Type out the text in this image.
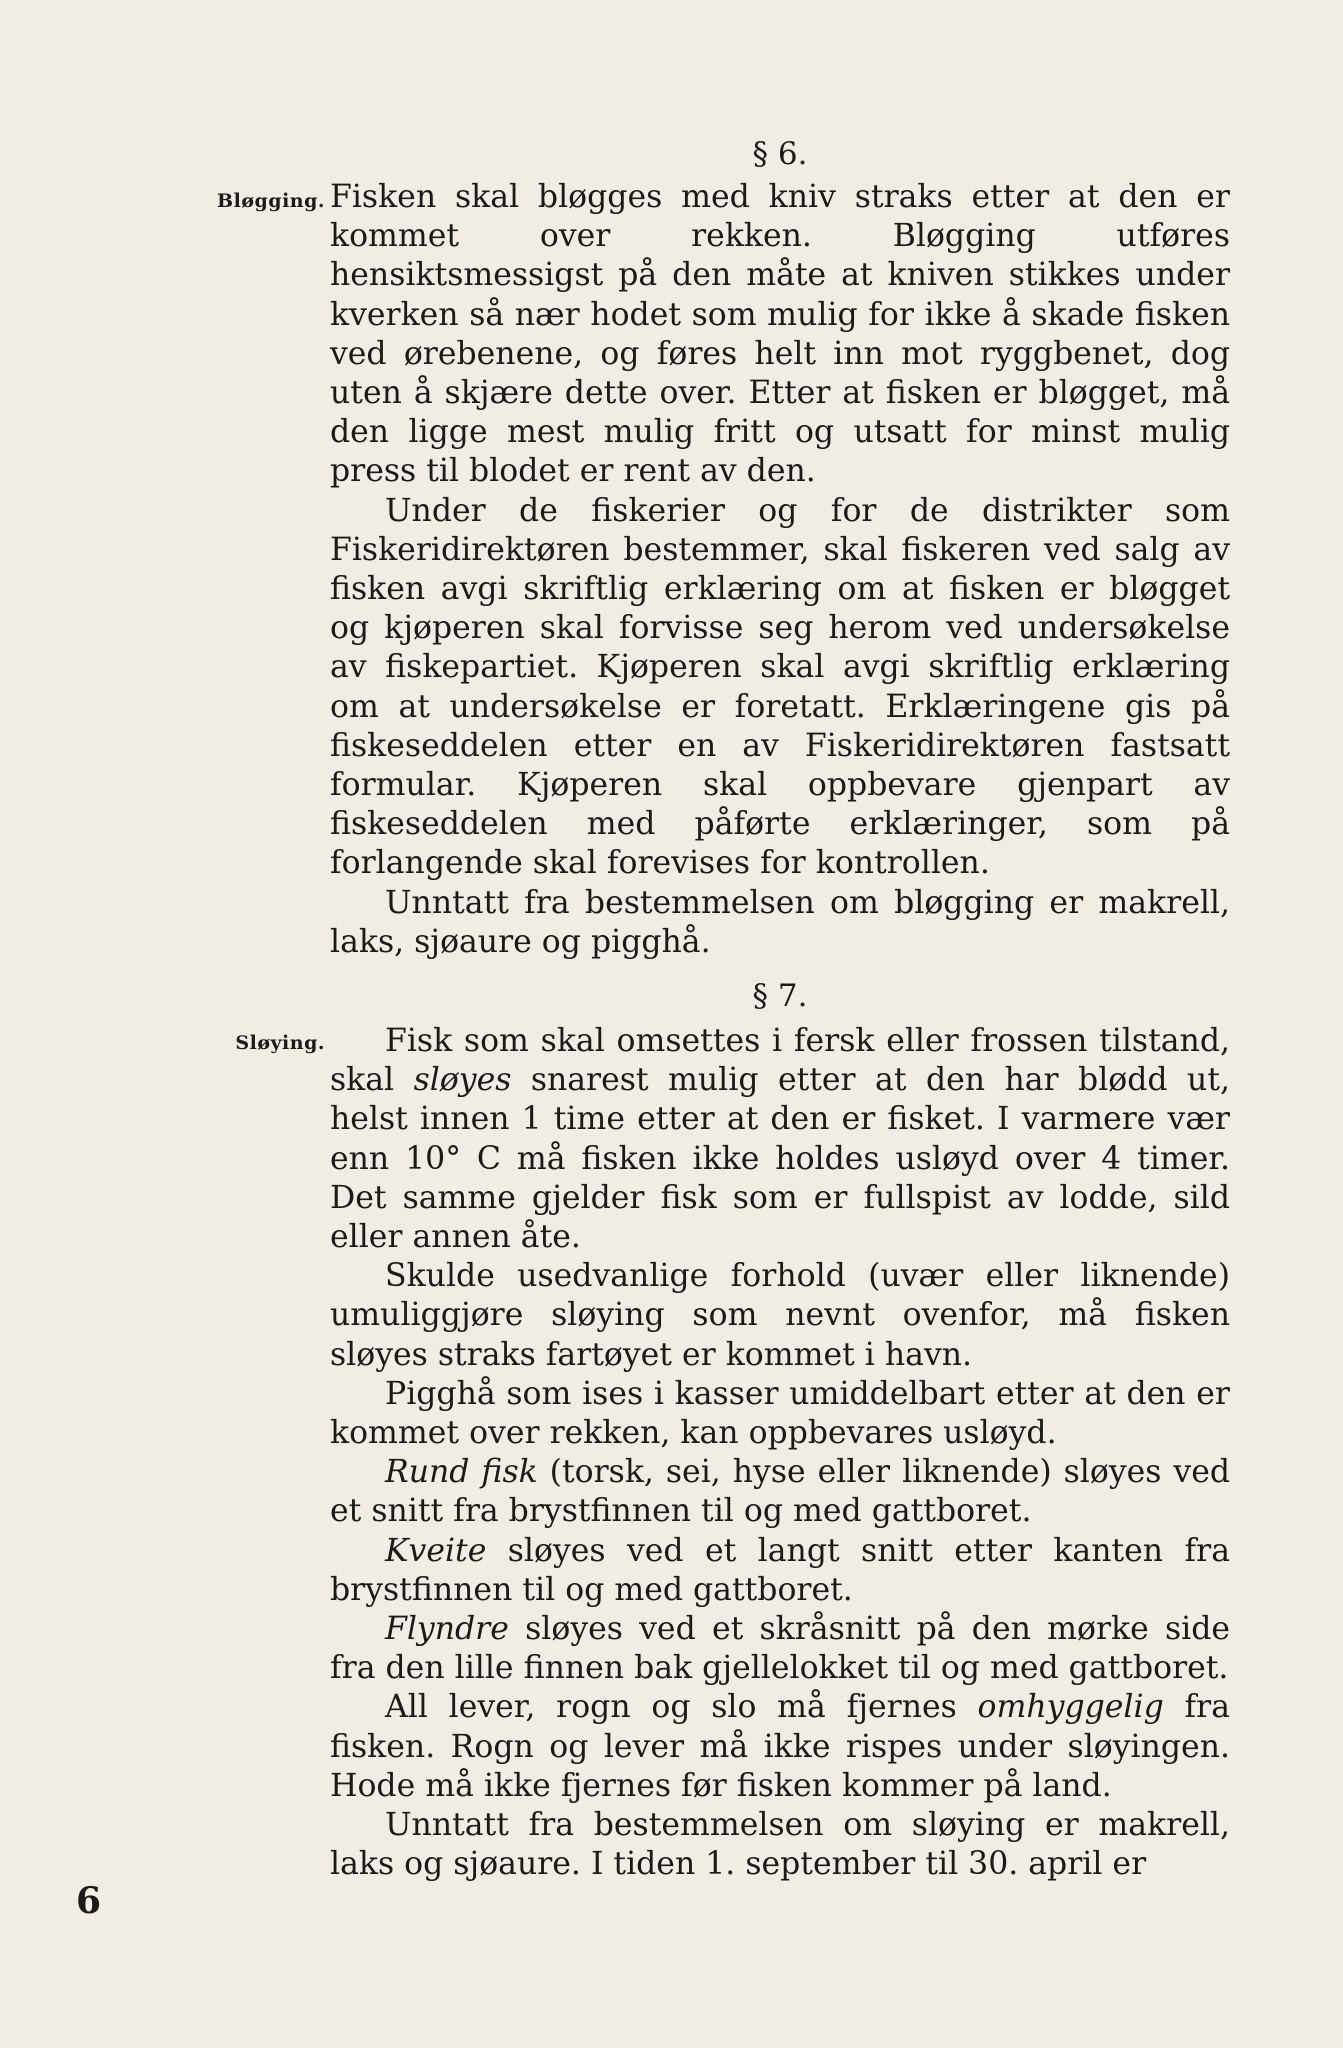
§ 6.
Bløgging. Fisken skal bløgges med kniv straks etter at den er kommet over rekken. Bløgging utføres hensiktsmessigst på den måte at kniven stikkes under kverken så nær hodet som mulig for ikke å skade fisken ved ørebenene, og føres helt inn mot ryggbenet, dog uten å skjære dette over. Etter at fisken er bløgget, må den ligge mest mulig fritt og utsatt for minst mulig press til blodet er rent av den.

Under de fiskerier og for de distrikter som Fiskeridirektøren bestemmer, skal fiskeren ved salg av fisken avgi skriftlig erklæring om at fisken er bløgget og kjøperen skal forvisse seg herom ved undersøkelse av fiskepartiet. Kjøperen skal avgi skriftlig erklæring om at undersøkelse er foretatt. Erklæringene gis på fiskeseddelen etter en av Fiskeridirektøren fastsatt formular. Kjøperen skal oppbevare gjenpart av fiskeseddelen med påførte erklæringer, som på forlangende skal forevises for kontrollen.

Unntatt fra bestemmelsen om bløgging er makrell, laks, sjøaure og pigghå.

§ 7.
Sløying.	Fisk som skal omsettes i fersk eller frossen tilstand, skal sløyes snarest mulig etter at den har blødd ut, helst innen 1 time etter at den er fisket. I varmere vær enn 10° C må fisken ikke holdes usløyd over 4 timer. Det samme gjelder fisk som er fullspist av lodde, sild eller annen åte.

Skulde usedvanlige forhold (uvær eller liknende) umuliggjøre sløying som nevnt ovenfor, må fisken sløyes straks fartøyet er kommet i havn.

Pigghå som ises i kasser umiddelbart etter at den er kommet over rekken, kan oppbevares usløyd.

Rund fisk (torsk, sei, hyse eller liknende) sløyes ved et snitt fra brystfinnen til og med gattboret.

Kveite sløyes ved et langt snitt etter kanten fra brystfinnen til og med gattboret.

Flyndre sløyes ved et skråsnitt på den mørke side fra den lille finnen bak gjellelokket til og med gattboret.

All lever, rogn og slo må fjernes omhyggelig fra fisken. Rogn og lever må ikke rispes under sløyingen. Hode må ikke fjernes før fisken kommer på land.

Unntatt fra bestemmelsen om sløying er makrell, laks og sjøaure. I tiden 1. september til 30. april er

6
